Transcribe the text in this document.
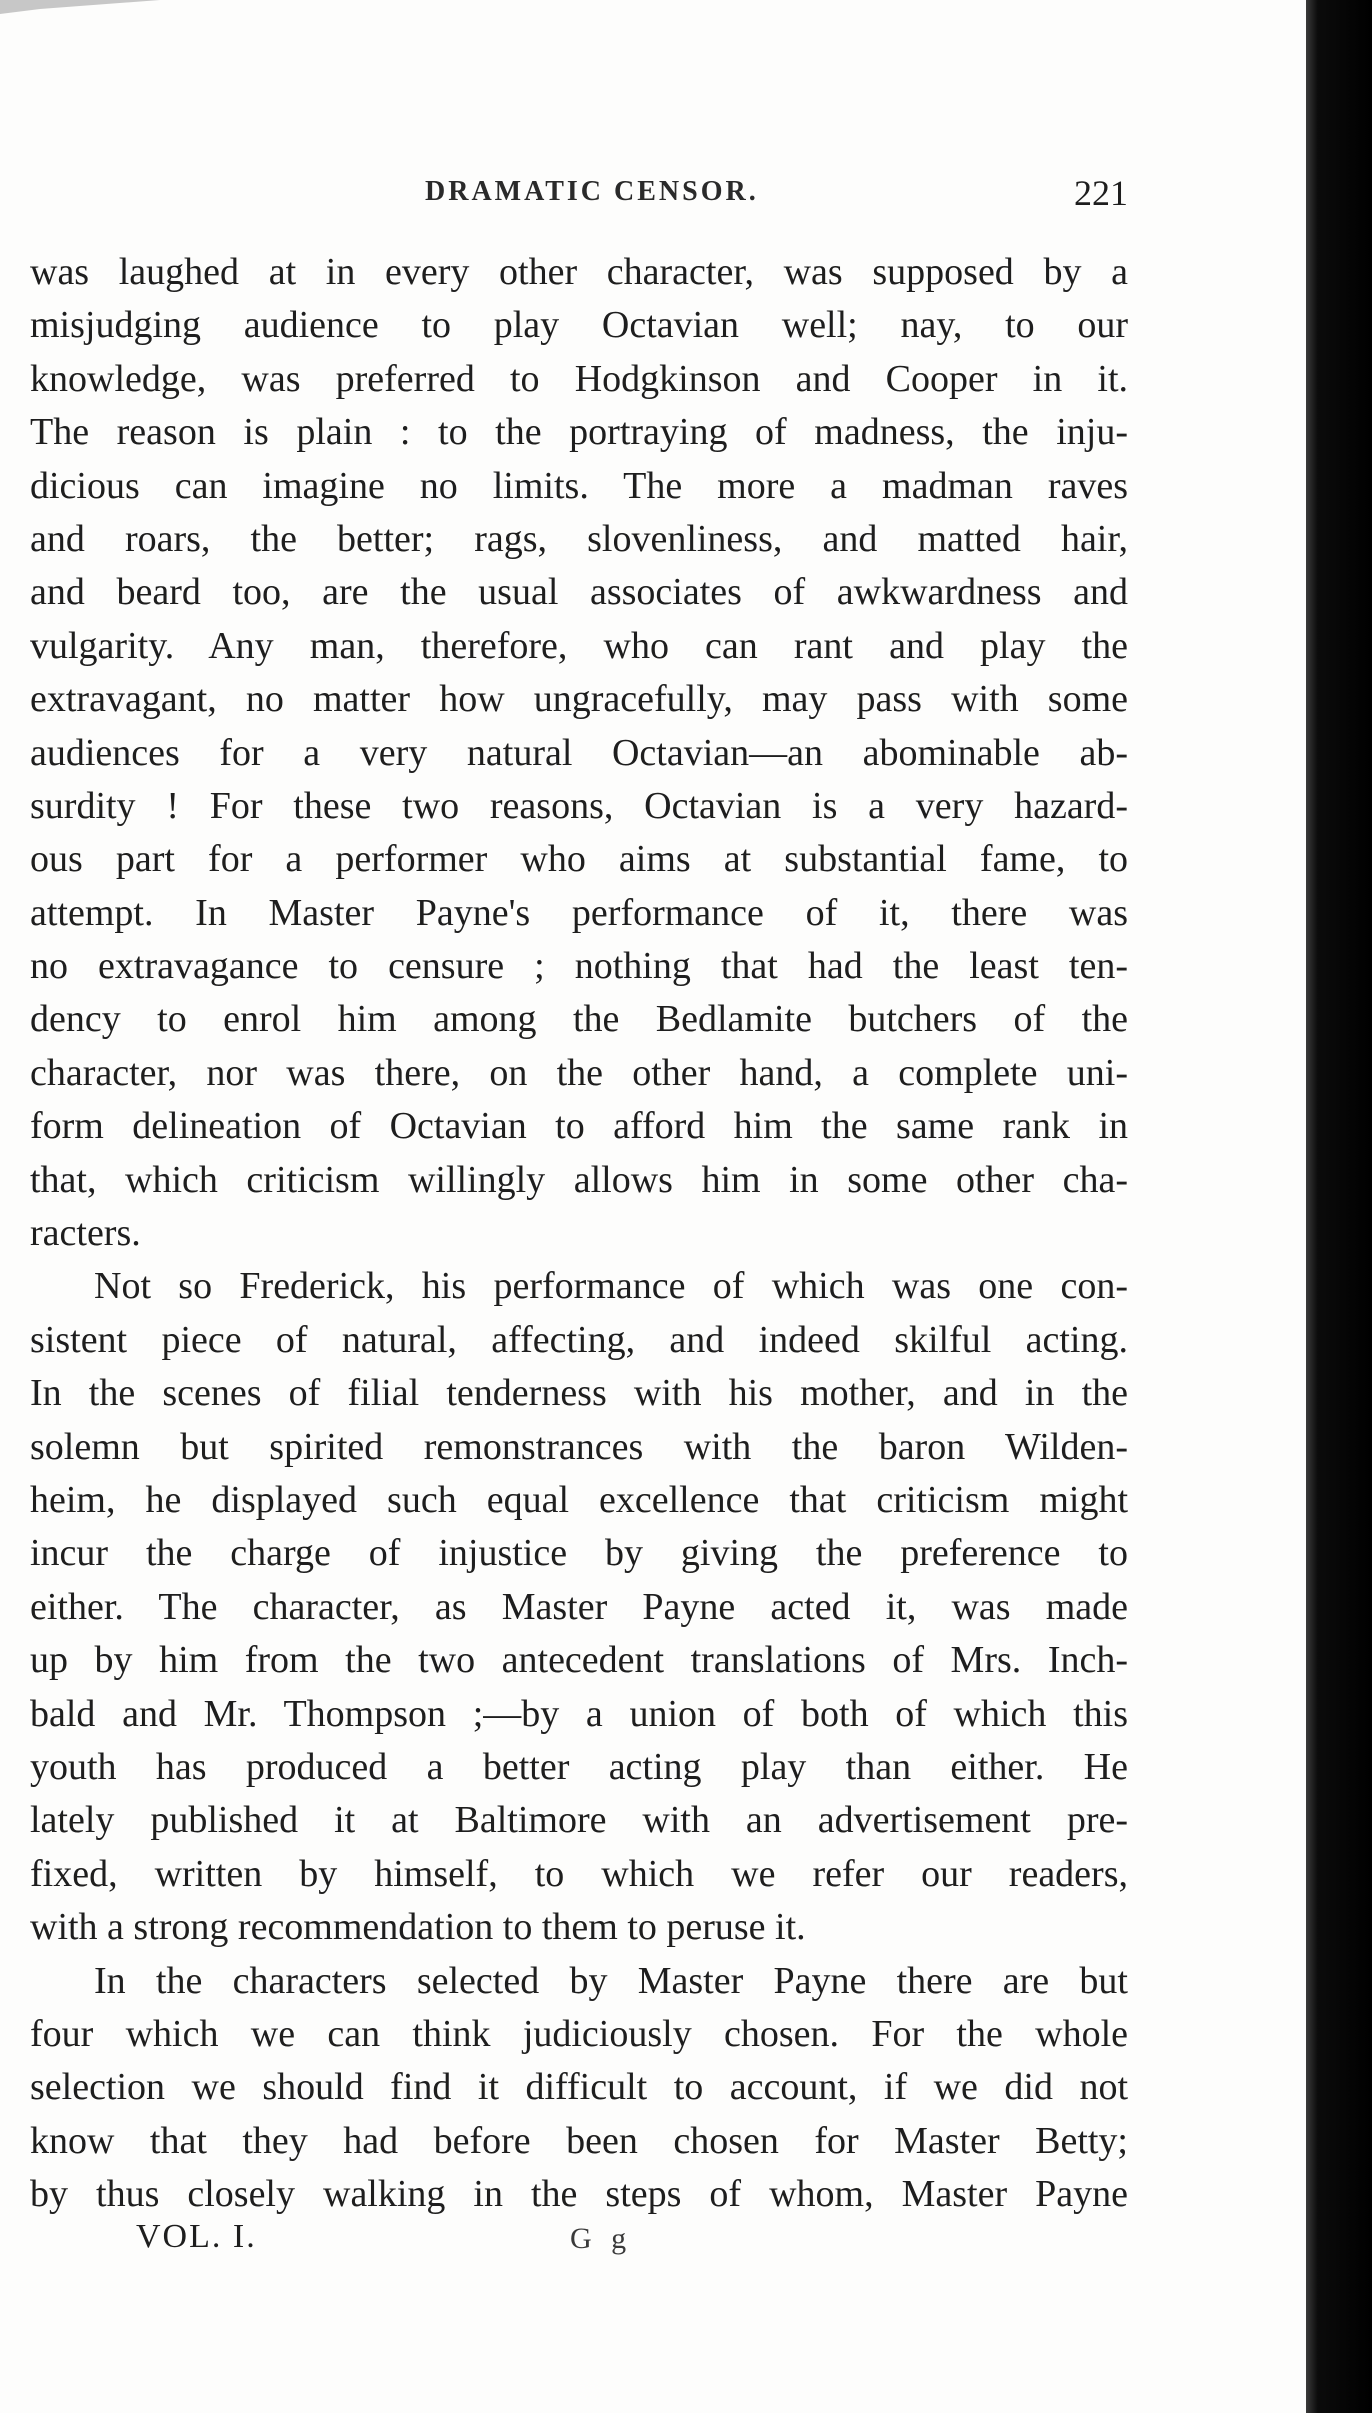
DRAMATIC CENSOR.	221
was laughed at in every other character, was supposed by a
misjudging audience to play Octavian well; nay, to our
knowledge, was preferred to Hodgkinson and Cooper in it.
The reason is plain : to the portraying of madness, the inju-
dicious can imagine no limits. The more a madman raves
and roars, the better; rags, slovenliness, and matted hair,
and beard too, are the usual associates of awkwardness and
vulgarity. Any man, therefore, who can rant and play the
extravagant, no matter how ungracefully, may pass with some
audiences for a very natural Octavian—an abominable ab-
surdity ! For these two reasons, Octavian is a very hazard-
ous part for a performer who aims at substantial fame, to
attempt. In Master Payne's performance of it, there was
no extravagance to censure ; nothing that had the least ten-
dency to enrol him among the Bedlamite butchers of the
character, nor was there, on the other hand, a complete uni-
form delineation of Octavian to afford him the same rank in
that, which criticism willingly allows him in some other cha-
racters.
Not so Frederick, his performance of which was one con-
sistent piece of natural, affecting, and indeed skilful acting.
In the scenes of filial tenderness with his mother, and in the
solemn but spirited remonstrances with the baron Wilden-
heim, he displayed such equal excellence that criticism might
incur the charge of injustice by giving the preference to
either. The character, as Master Payne acted it, was made
up by him from the two antecedent translations of Mrs. Inch-
bald and Mr. Thompson ;—by a union of both of which this
youth has produced a better acting play than either. He
lately published it at Baltimore with an advertisement pre-
fixed, written by himself, to which we refer our readers,
with a strong recommendation to them to peruse it.
In the characters selected by Master Payne there are but
four which we can think judiciously chosen. For the whole
selection we should find it difficult to account, if we did not
know that they had before been chosen for Master Betty;
by thus closely walking in the steps of whom, Master Payne
VOL. I.	G g
